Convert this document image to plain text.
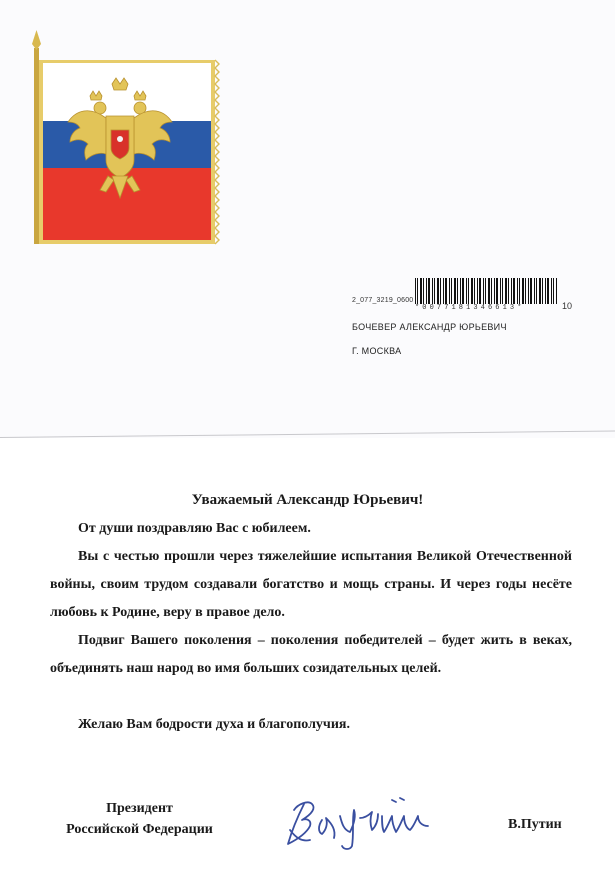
2_077_3219_0600
*0077181346613*	10
БОЧЕВЕР АЛЕКСАНДР ЮРЬЕВИЧ
Г. МОСКВА
Уважаемый Александр Юрьевич!
От души поздравляю Вас с юбилеем.
Вы с честью прошли через тяжелейшие испытания Великой Отечественной войны, своим трудом создавали богатство и мощь страны. И через годы несёте любовь к Родине, веру в правое дело.
Подвиг Вашего поколения – поколения победителей – будет жить в веках, объединять наш народ во имя больших созидательных целей.
Желаю Вам бодрости духа и благополучия.
Президент
Российской Федерации
ВПутин
В.Путин
